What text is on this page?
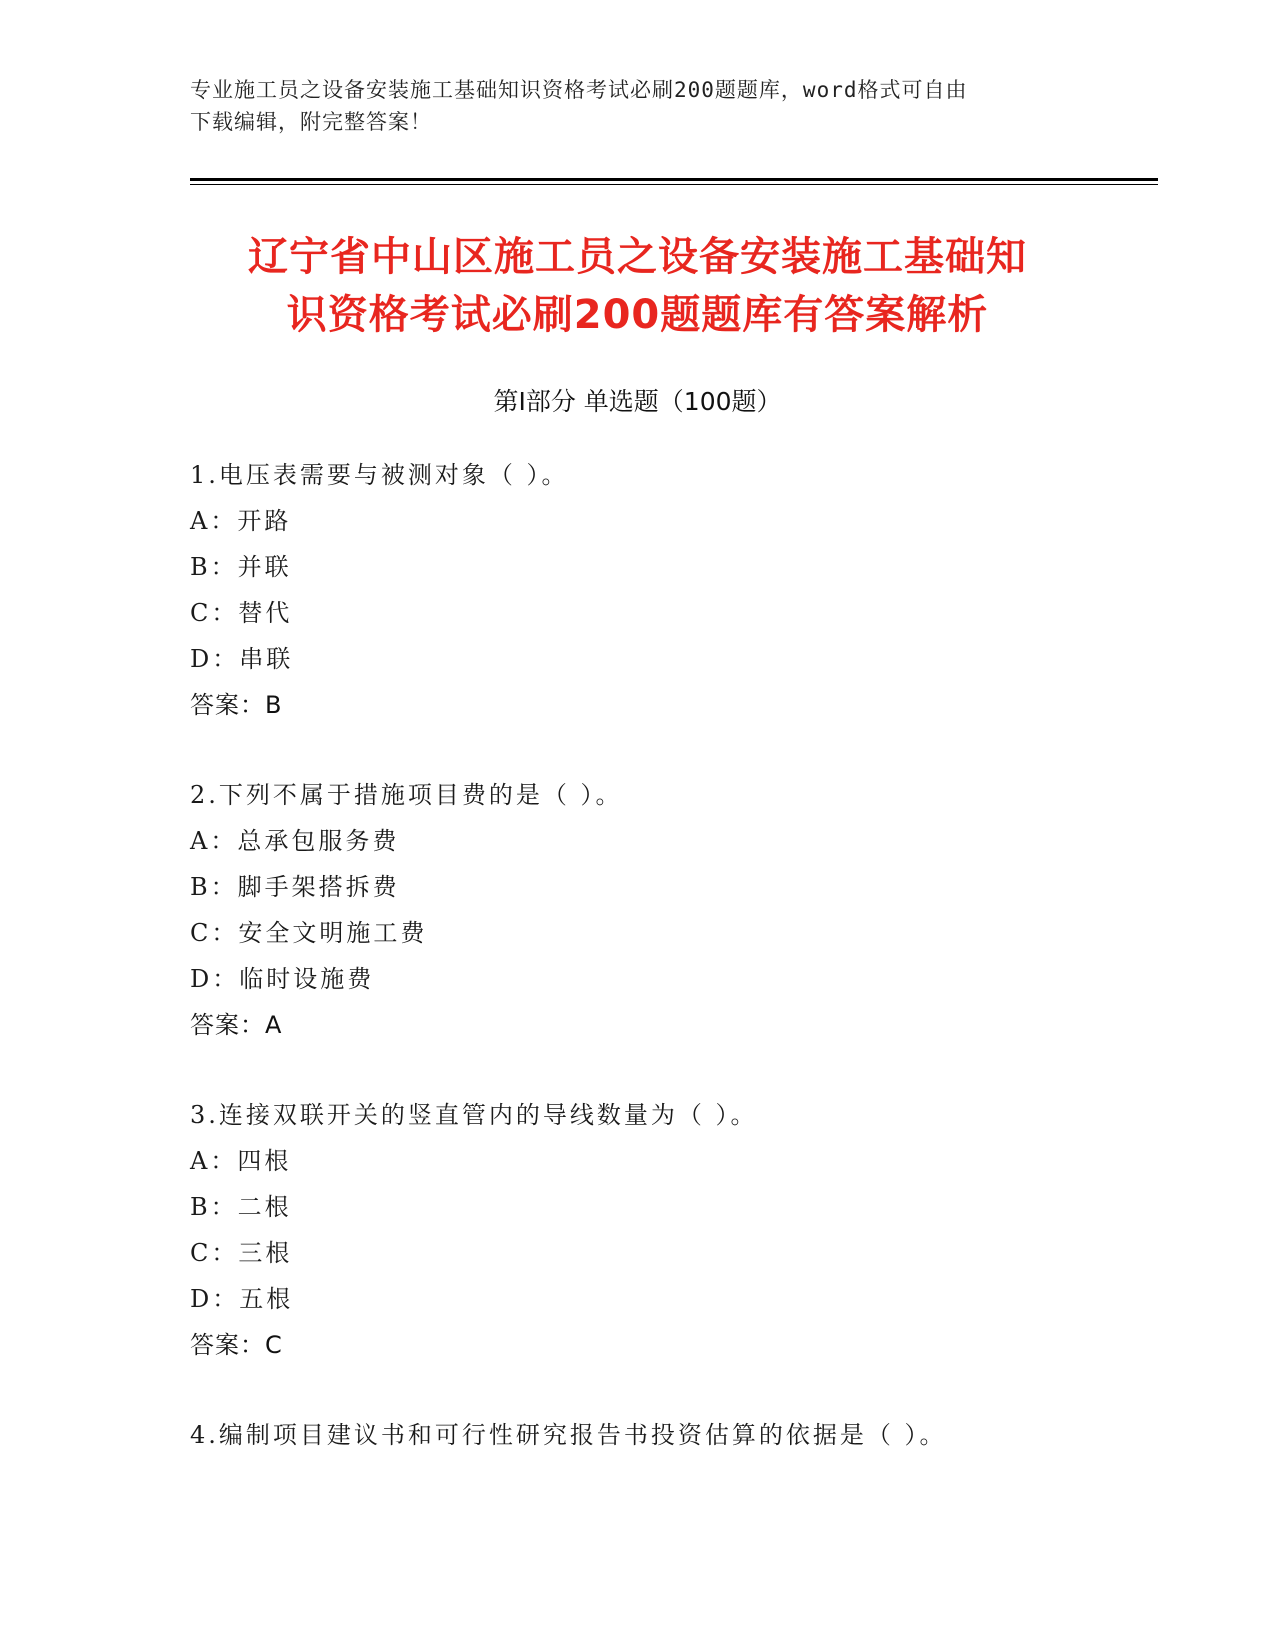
专业施工员之设备安装施工基础知识资格考试必刷200题题库，word格式可自由
下载编辑，附完整答案！
辽宁省中山区施工员之设备安装施工基础知
识资格考试必刷200题题库有答案解析
第Ⅰ部分 单选题（100题）
1.电压表需要与被测对象（ ）。
A：开路
B：并联
C：替代
D：串联
答案：B
2.下列不属于措施项目费的是（ ）。
A：总承包服务费
B：脚手架搭拆费
C：安全文明施工费
D：临时设施费
答案：A
3.连接双联开关的竖直管内的导线数量为（ ）。
A：四根
B：二根
C：三根
D：五根
答案：C
4.编制项目建议书和可行性研究报告书投资估算的依据是（ ）。
